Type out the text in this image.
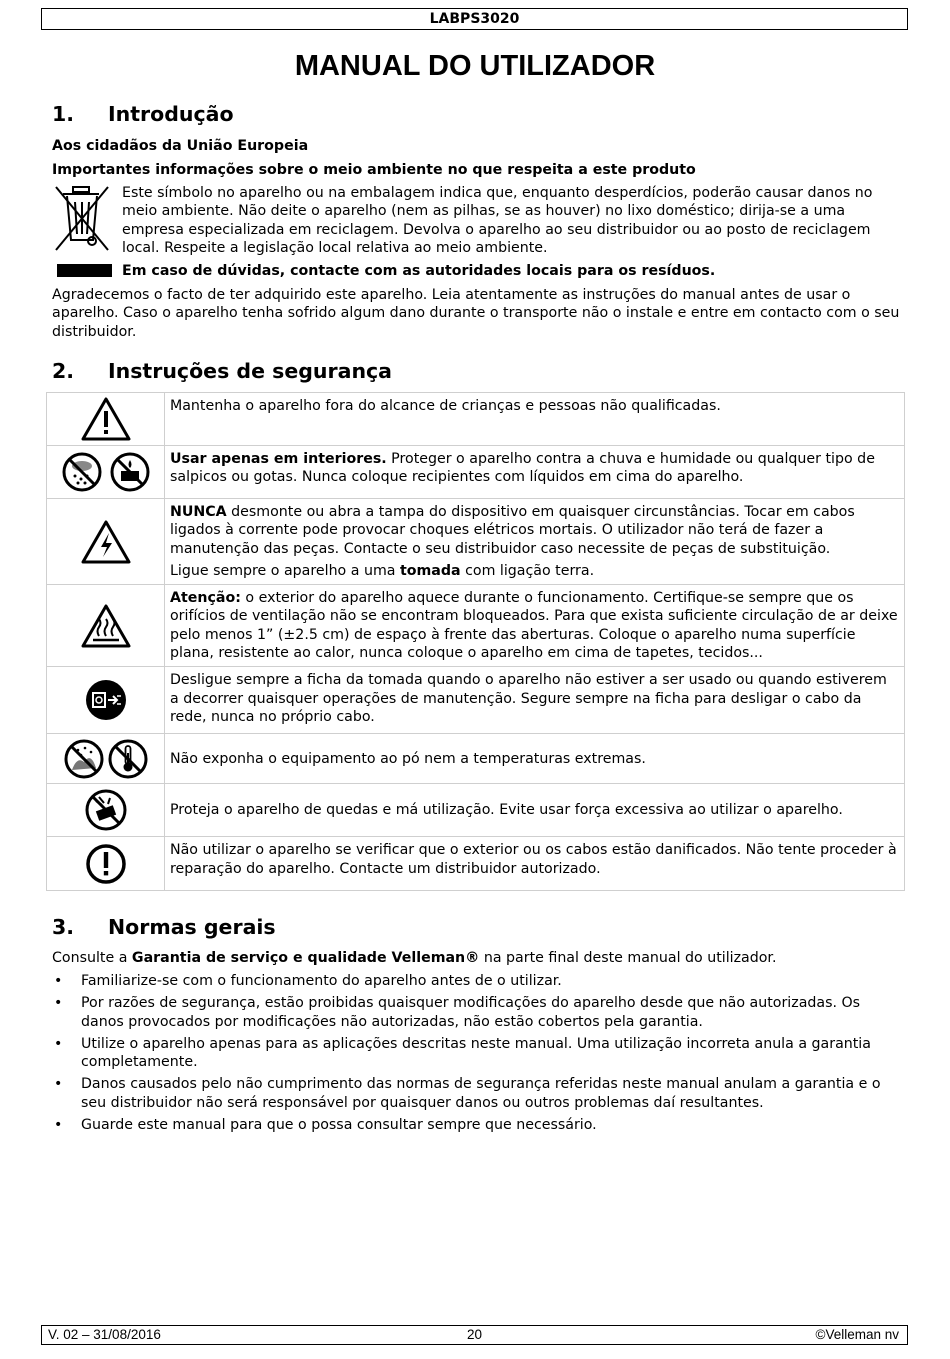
LABPS3020
MANUAL DO UTILIZADOR
1. Introdução
Aos cidadãos da União Europeia
Importantes informações sobre o meio ambiente no que respeita a este produto
Este símbolo no aparelho ou na embalagem indica que, enquanto desperdícios, poderão causar danos no meio ambiente. Não deite o aparelho (nem as pilhas, se as houver) no lixo doméstico; dirija-se a uma empresa especializada em reciclagem. Devolva o aparelho ao seu distribuidor ou ao posto de reciclagem local. Respeite a legislação local relativa ao meio ambiente.
Em caso de dúvidas, contacte com as autoridades locais para os resíduos.
Agradecemos o facto de ter adquirido este aparelho. Leia atentamente as instruções do manual antes de usar o aparelho. Caso o aparelho tenha sofrido algum dano durante o transporte não o instale e entre em contacto com o seu distribuidor.
2. Instruções de segurança

Mantenha o aparelho fora do alcance de crianças e pessoas não qualificadas.

Usar apenas em interiores. Proteger o aparelho contra a chuva e humidade ou qualquer tipo de salpicos ou gotas. Nunca coloque recipientes com líquidos em cima do aparelho.

NUNCA desmonte ou abra a tampa do dispositivo em quaisquer circunstâncias. Tocar em cabos ligados à corrente pode provocar choques elétricos mortais. O utilizador não terá de fazer a manutenção das peças. Contacte o seu distribuidor caso necessite de peças de substituição.

Ligue sempre o aparelho a uma tomada com ligação terra.

Atenção: o exterior do aparelho aquece durante o funcionamento. Certifique-se sempre que os orifícios de ventilação não se encontram bloqueados. Para que exista suficiente circulação de ar deixe pelo menos 1” (±2.5 cm) de espaço à frente das aberturas. Coloque o aparelho numa superfície plana, resistente ao calor, nunca coloque o aparelho em cima de tapetes, tecidos...

Desligue sempre a ficha da tomada quando o aparelho não estiver a ser usado ou quando estiverem a decorrer quaisquer operações de manutenção. Segure sempre na ficha para desligar o cabo da rede, nunca no próprio cabo.

Não exponha o equipamento ao pó nem a temperaturas extremas.

Proteja o aparelho de quedas e má utilização. Evite usar força excessiva ao utilizar o aparelho.

Não utilizar o aparelho se verificar que o exterior ou os cabos estão danificados. Não tente proceder à reparação do aparelho. Contacte um distribuidor autorizado.

3. Normas gerais
Consulte a Garantia de serviço e qualidade Velleman® na parte final deste manual do utilizador.
• Familiarize-se com o funcionamento do aparelho antes de o utilizar.
• Por razões de segurança, estão proibidas quaisquer modificações do aparelho desde que não autorizadas. Os danos provocados por modificações não autorizadas, não estão cobertos pela garantia.
• Utilize o aparelho apenas para as aplicações descritas neste manual. Uma utilização incorreta anula a garantia completamente.
• Danos causados pelo não cumprimento das normas de segurança referidas neste manual anulam a garantia e o seu distribuidor não será responsável por quaisquer danos ou outros problemas daí resultantes.
• Guarde este manual para que o possa consultar sempre que necessário.
V. 02 – 31/08/2016	20	©Velleman nv
